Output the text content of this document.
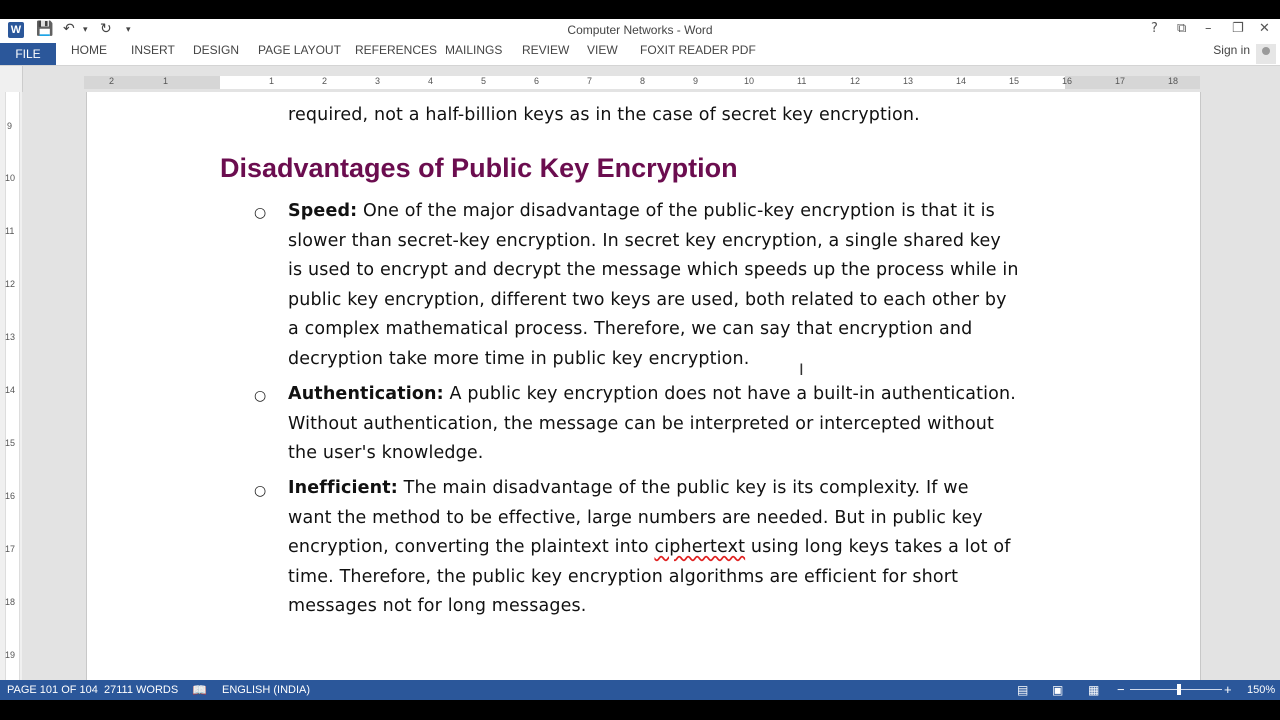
W 💾 ↶ ▾ ↻ ▾	Computer Networks - Word	? ⧉ – ❐ ✕
FILE	HOME INSERT DESIGN PAGE LAYOUT REFERENCES MAILINGS REVIEW VIEW FOXIT READER PDF	Sign in
2	1	1	2	3	4	5	6	7	8	9	10	11	12	13	14	15	16	17	18
9
10
11
12
13
14
15
16
17
18
19
required, not a half-billion keys as in the case of secret key encryption.
Disadvantages of Public Key Encryption
○ Speed: One of the major disadvantage of the public-key encryption is that it is
slower than secret-key encryption. In secret key encryption, a single shared key
is used to encrypt and decrypt the message which speeds up the process while in
public key encryption, different two keys are used, both related to each other by
a complex mathematical process. Therefore, we can say that encryption and
decryption take more time in public key encryption.
○ Authentication: A public key encryption does not have a built-in authentication.
Without authentication, the message can be interpreted or intercepted without
the user's knowledge.
○ Inefficient: The main disadvantage of the public key is its complexity. If we
want the method to be effective, large numbers are needed. But in public key
encryption, converting the plaintext into ciphertext using long keys takes a lot of
time. Therefore, the public key encryption algorithms are efficient for short
messages not for long messages.
I
PAGE 101 OF 104 27111 WORDS 📖 ENGLISH (INDIA)	▤ ▣ ▦ −	+ 150%
